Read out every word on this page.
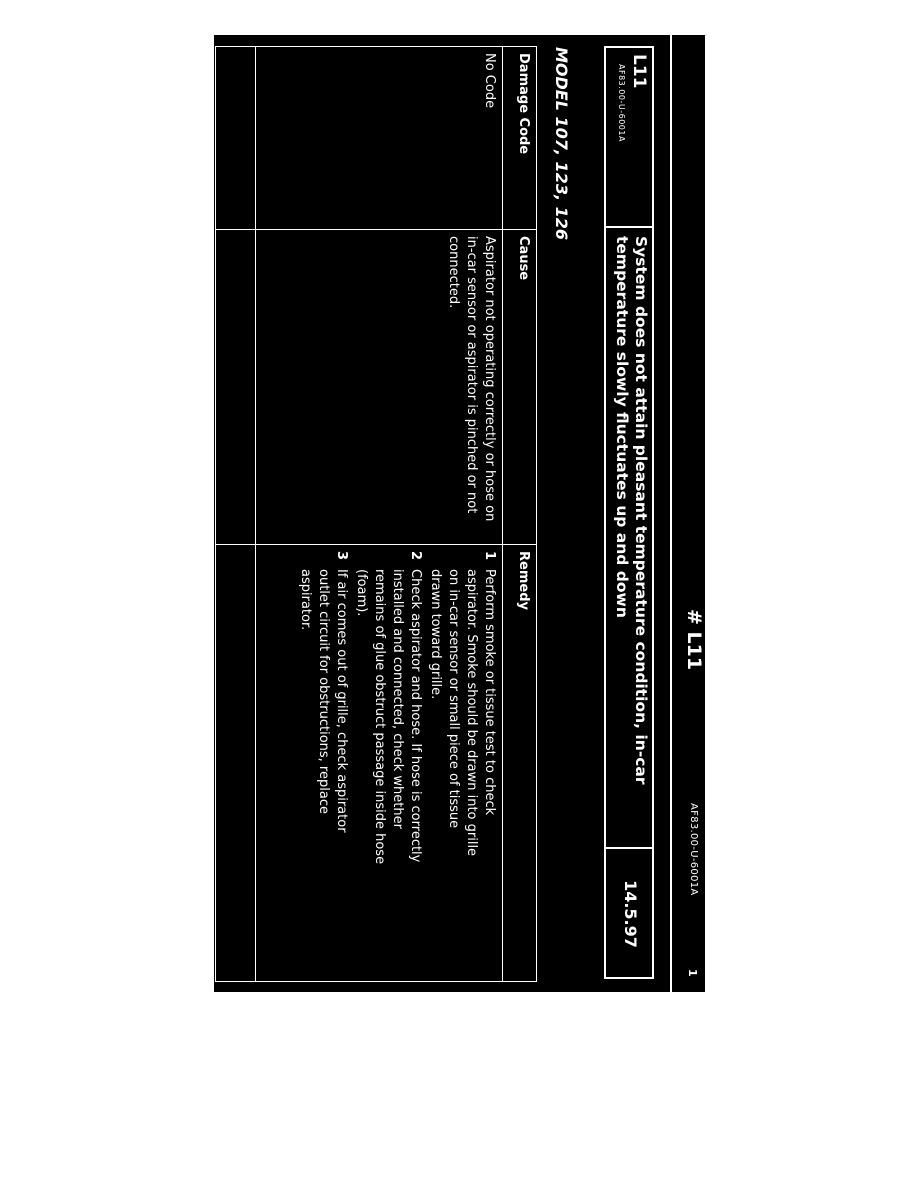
1
AF83.00-U-6001A
# L11
L11
AF83.00-U-6001A
System does not attain pleasant temperature condition, in-car temperature slowly fluctuates up and down
14.5.97
MODEL 107, 123, 126
Damage Code	Cause	Remedy
No Code	Aspirator not operating correctly or hose on in-car sensor or aspirator is pinched or not connected.	1Perform smoke or tissue test to check aspirator. Smoke should be drawn into grille on in-car sensor or small piece of tissue drawn toward grille.
2Check aspirator and hose. If hose is correctly installed and connected, check whether remains of glue obstruct passage inside hose (foam).
3If air comes out of grille, check aspirator outlet circuit for obstructions, replace aspirator.
